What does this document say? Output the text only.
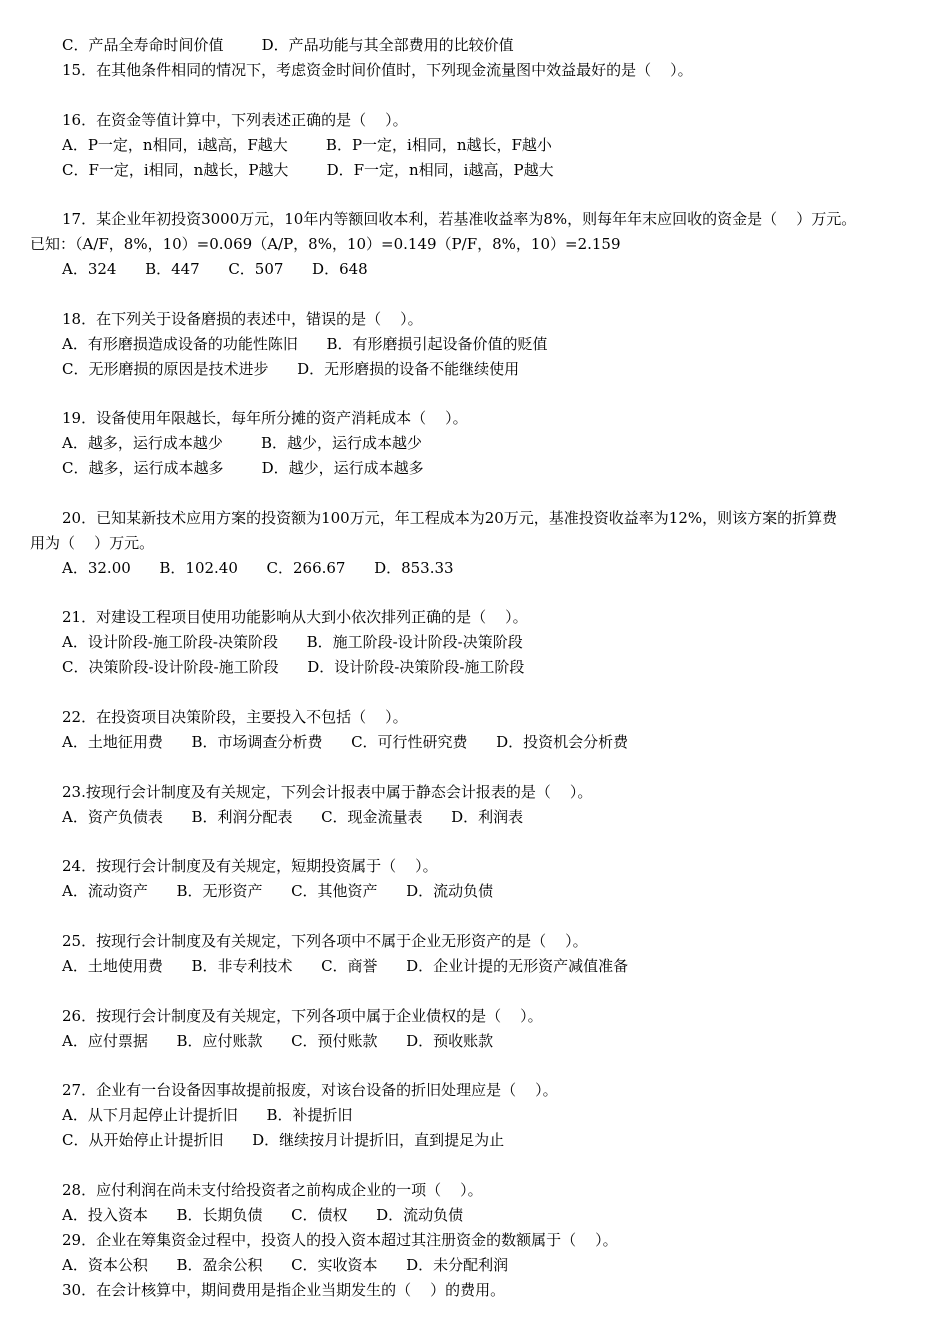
C．产品全寿命时间价值        D．产品功能与其全部费用的比较价值
15．在其他条件相同的情况下，考虑资金时间价值时，下列现金流量图中效益最好的是（    ）。
16．在资金等值计算中，下列表述正确的是（    ）。
A．P一定，n相同，i越高，F越大        B．P一定，i相同，n越长，F越小
C．F一定，i相同，n越长，P越大        D．F一定，n相同，i越高，P越大
17．某企业年初投资3000万元，10年内等额回收本利，若基准收益率为8%，则每年年末应回收的资金是（    ）万元。
已知：（A/F，8%，10）=0.069（A/P，8%，10）=0.149（P/F，8%，10）=2.159
A．324      B．447      C．507      D．648
18．在下列关于设备磨损的表述中，错误的是（    ）。
A．有形磨损造成设备的功能性陈旧      B．有形磨损引起设备价值的贬值
C．无形磨损的原因是技术进步      D．无形磨损的设备不能继续使用
19．设备使用年限越长，每年所分摊的资产消耗成本（    ）。
A．越多，运行成本越少        B．越少，运行成本越少
C．越多，运行成本越多        D．越少，运行成本越多
20．已知某新技术应用方案的投资额为100万元，年工程成本为20万元，基准投资收益率为12%，则该方案的折算费
用为（    ）万元。
A．32.00      B．102.40      C．266.67      D．853.33
21．对建设工程项目使用功能影响从大到小依次排列正确的是（    ）。
A．设计阶段-施工阶段-决策阶段      B．施工阶段-设计阶段-决策阶段
C．决策阶段-设计阶段-施工阶段      D．设计阶段-决策阶段-施工阶段
22．在投资项目决策阶段，主要投入不包括（    ）。
A．土地征用费      B．市场调查分析费      C．可行性研究费      D．投资机会分析费
23.按现行会计制度及有关规定，下列会计报表中属于静态会计报表的是（    ）。
A．资产负债表      B．利润分配表      C．现金流量表      D．利润表
24．按现行会计制度及有关规定，短期投资属于（    ）。
A．流动资产      B．无形资产      C．其他资产      D．流动负债
25．按现行会计制度及有关规定，下列各项中不属于企业无形资产的是（    ）。
A．土地使用费      B．非专利技术      C．商誉      D．企业计提的无形资产减值准备
26．按现行会计制度及有关规定，下列各项中属于企业债权的是（    ）。
A．应付票据      B．应付账款      C．预付账款      D．预收账款
27．企业有一台设备因事故提前报废，对该台设备的折旧处理应是（    ）。
A．从下月起停止计提折旧      B．补提折旧
C．从开始停止计提折旧      D．继续按月计提折旧，直到提足为止
28．应付利润在尚未支付给投资者之前构成企业的一项（    ）。
A．投入资本      B．长期负债      C．债权      D．流动负债
29．企业在筹集资金过程中，投资人的投入资本超过其注册资金的数额属于（    ）。
A．资本公积      B．盈余公积      C．实收资本      D．未分配利润
30．在会计核算中，期间费用是指企业当期发生的（    ）的费用。
